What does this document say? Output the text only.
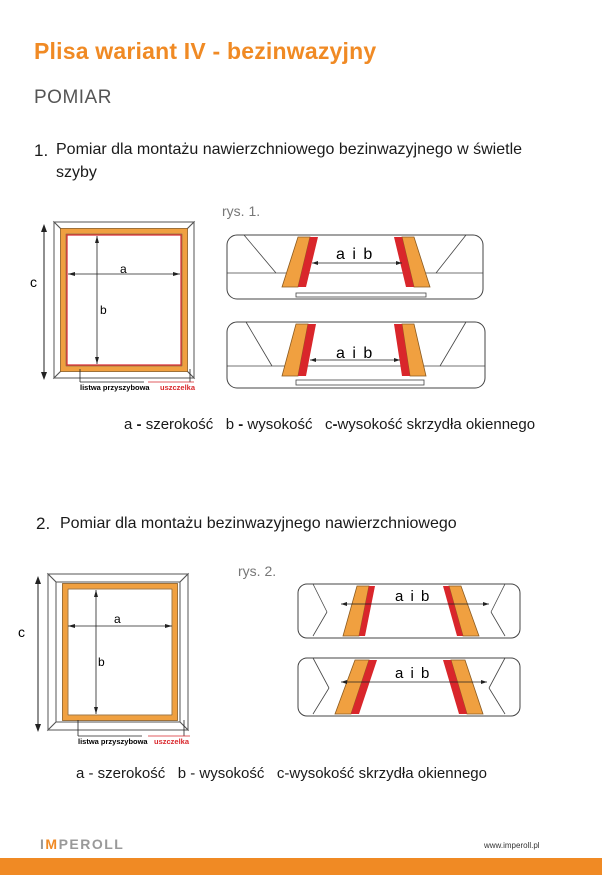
Plisa wariant IV - bezinwazyjny
POMIAR
1. Pomiar dla montażu nawierzchniowego bezinwazyjnego w świetle
szyby
rys. 1.
a
b
c
listwa przyszybowa uszczelka
a i b
a i b
a - szerokość b - wysokość c-wysokość skrzydła okiennego
2. Pomiar dla montażu bezinwazyjnego nawierzchniowego
rys. 2.
a
b
c
listwa przyszybowa uszczelka
a i b
a i b
a - szerokość   b - wysokość   c-wysokość skrzydła okiennego
IMPEROLL	www.imperoll.pl
